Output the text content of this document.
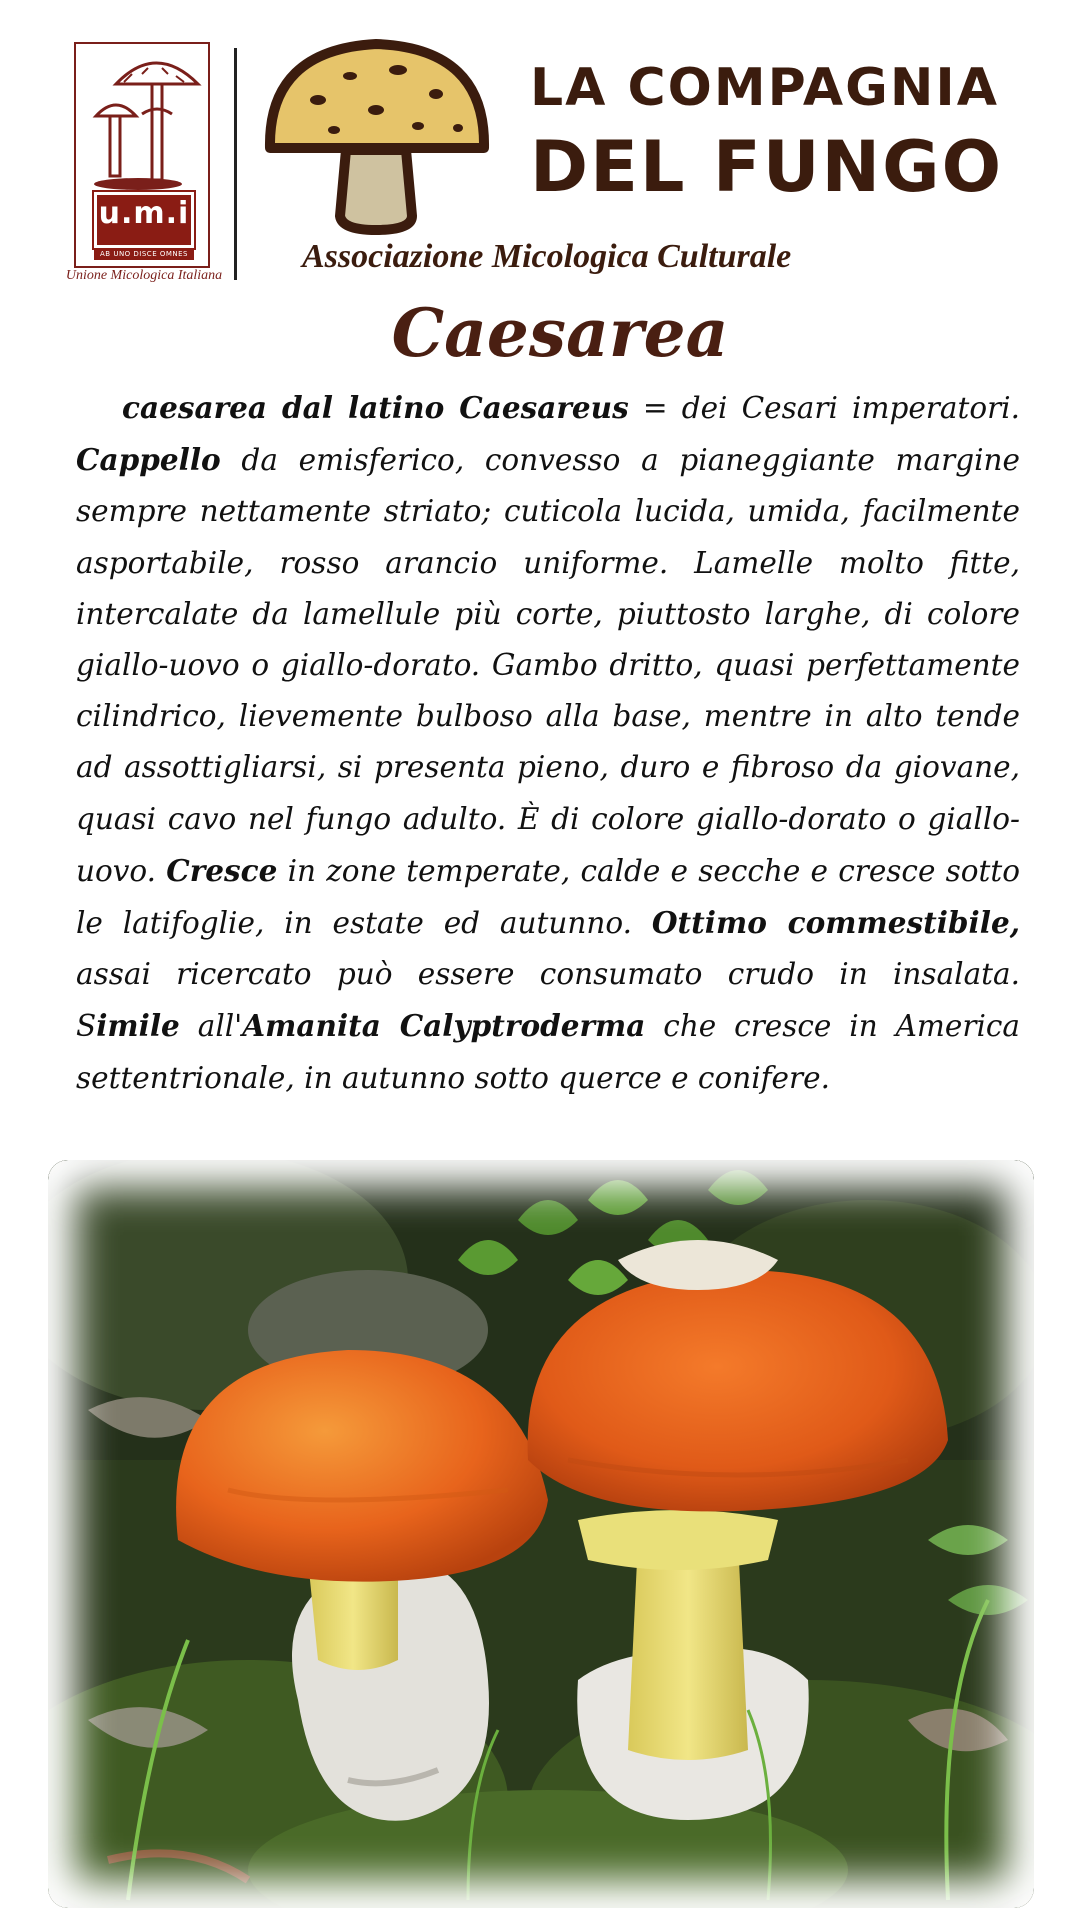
u.m.i
AB UNO DISCE OMNES
Unione Micologica Italiana
LA COMPAGNIA
DEL FUNGO
Associazione Micologica Culturale
Caesarea

caesarea dal latino Caesareus = dei Cesari imperatori. Cappello da emisferico, convesso a pianeggiante margine sempre nettamente striato; cuticola lucida, umida, facilmente asportabile, rosso arancio uniforme. Lamelle molto fitte, intercalate da lamellule più corte, piuttosto larghe, di colore giallo-uovo o giallo-dorato. Gambo dritto, quasi perfettamente cilindrico, lievemente bulboso alla base, mentre in alto tende ad assottigliarsi, si presenta pieno, duro e fibroso da giovane, quasi cavo nel fungo adulto. È di colore giallo-dorato o giallo-uovo. Cresce in zone temperate, calde e secche e cresce sotto le latifoglie, in estate ed autunno. Ottimo commestibile, assai ricercato può essere consumato crudo in insalata. Simile all'Amanita Calyptroderma che cresce in America settentrionale, in autunno sotto querce e conifere.
